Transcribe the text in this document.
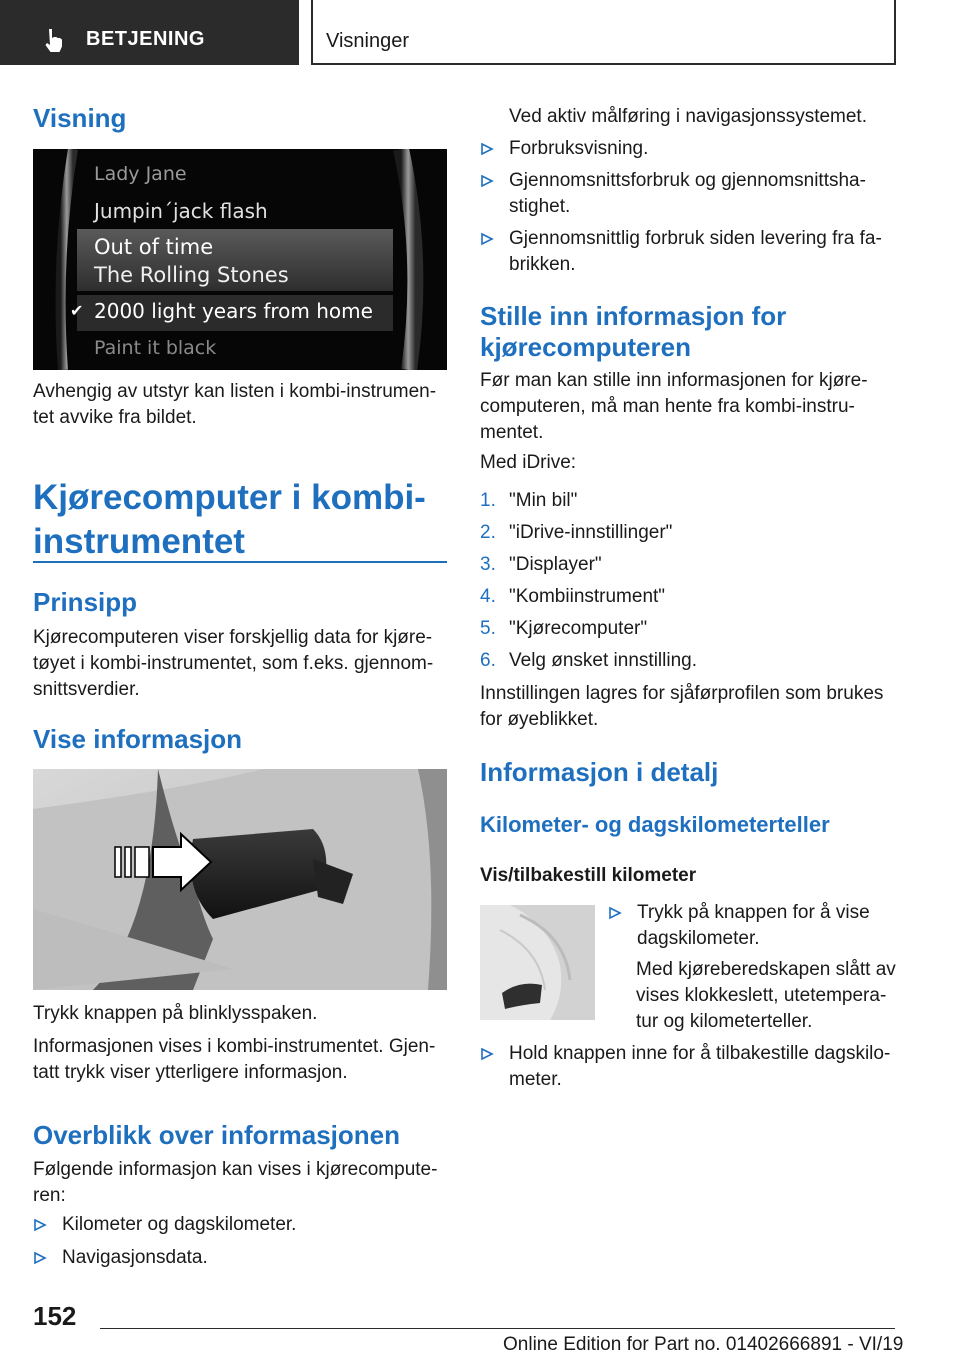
BETJENING	Visninger
Visning
Lady Jane
Jumpin´jack flash
Out of time
The Rolling Stones
2000 light years from home
Paint it black
✔

Avhengig av utstyr kan listen i kombi-instrumen-
tet avvike fra bildet.

Kjørecomputer i kombi-
instrumentet
Prinsipp

Kjørecomputeren viser forskjellig data for kjøre-
tøyet i kombi-instrumentet, som f.eks. gjennom-
snittsverdier.

Vise informasjon

Trykk knappen på blinklysspaken.

Informasjonen vises i kombi-instrumentet. Gjen-
tatt trykk viser ytterligere informasjon.

Overblikk over informasjonen

Følgende informasjon kan vises i kjørecompute-
ren:

Kilometer og dagskilometer.
Navigasjonsdata.

Ved aktiv målføring i navigasjonssystemet.

Forbruksvisning.
Gjennomsnittsforbruk og gjennomsnittsha-
stighet.
Gjennomsnittlig forbruk siden levering fra fa-
brikken.
Stille inn informasjon for
kjørecomputeren

Før man kan stille inn informasjonen for kjøre-
computeren, må man hente fra kombi-instru-
mentet.

Med iDrive:

1. "Min bil"
2. "iDrive-innstillinger"
3. "Displayer"
4. "Kombiinstrument"
5. "Kjørecomputer"
6. Velg ønsket innstilling.

Innstillingen lagres for sjåførprofilen som brukes
for øyeblikket.

Informasjon i detalj
Kilometer- og dagskilometerteller
Vis/tilbakestill kilometer
Trykk på knappen for å vise
dagskilometer.

Med kjøreberedskapen slått av
vises klokkeslett, utetempera-
tur og kilometerteller.

Hold knappen inne for å tilbakestille dagskilo-
meter.
152
Online Edition for Part no. 01402666891 - VI/19
